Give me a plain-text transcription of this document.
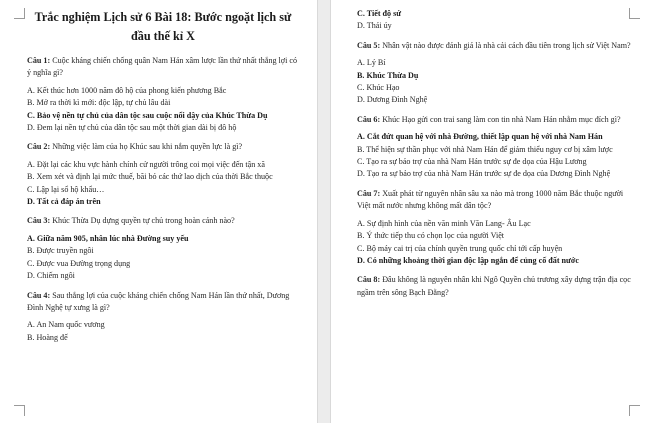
Trắc nghiệm Lịch sử 6 Bài 18: Bước ngoặt lịch sử đầu thế kỉ X

Câu 1: Cuộc kháng chiến chống quân Nam Hán xâm lược lần thứ nhất thắng lợi có ý nghĩa gì?

A. Kết thúc hơn 1000 năm đô hộ của phong kiến phương Bắc

B. Mở ra thời kì mới: độc lập, tự chủ lâu dài

C. Bảo vệ nền tự chủ của dân tộc sau cuộc nổi dậy của Khúc Thừa Dụ

D. Đem lại nền tự chủ của dân tộc sau một thời gian dài bị đô hộ

Câu 2: Những việc làm của họ Khúc sau khi nắm quyền lực là gì?

A. Đặt lại các khu vực hành chính cử người trông coi mọi việc đến tận xã

B. Xem xét và định lại mức thuế, bãi bỏ các thứ lao dịch của thời Bắc thuộc

C. Lập lại sổ hộ khẩu…

D. Tất cả đáp án trên

Câu 3: Khúc Thừa Dụ dựng quyền tự chủ trong hoàn cảnh nào?

A. Giữa năm 905, nhân lúc nhà Đường suy yếu

B. Được truyền ngôi

C. Được vua Đường trọng dụng

D. Chiếm ngôi

Câu 4: Sau thắng lợi của cuộc kháng chiến chống Nam Hán lần thứ nhất, Dương Đình Nghệ tự xưng là gì?

A. An Nam quốc vương

B. Hoàng đế

C. Tiết độ sứ

D. Thái úy

Câu 5: Nhân vật nào được đánh giá là nhà cải cách đầu tiên trong lịch sử Việt Nam?

A. Lý Bí

B. Khúc Thừa Dụ

C. Khúc Hạo

D. Dương Đình Nghệ

Câu 6: Khúc Hạo gửi con trai sang làm con tin nhà Nam Hán nhằm mục đích gì?

A. Cắt đứt quan hệ với nhà Đường, thiết lập quan hệ với nhà Nam Hán

B. Thể hiện sự thần phục với nhà Nam Hán để giảm thiểu nguy cơ bị xâm lược

C. Tạo ra sự bảo trợ của nhà Nam Hán trước sự đe dọa của Hậu Lương

D. Tạo ra sự bảo trợ của nhà Nam Hán trước sự đe dọa của Dương Đình Nghệ

Câu 7: Xuất phát từ nguyên nhân sâu xa nào mà trong 1000 năm Bắc thuộc người Việt mất nước nhưng không mất dân tộc?

A. Sự định hình của nền văn minh Văn Lang- Âu Lạc

B. Ý thức tiếp thu có chọn lọc của người Việt

C. Bộ máy cai trị của chính quyền trung quốc chỉ tới cấp huyện

D. Có những khoảng thời gian độc lập ngắn để củng cố đất nước

Câu 8: Đâu không là nguyên nhân khi Ngô Quyền chủ trương xây dựng trận địa cọc ngầm trên sông Bạch Đằng?
